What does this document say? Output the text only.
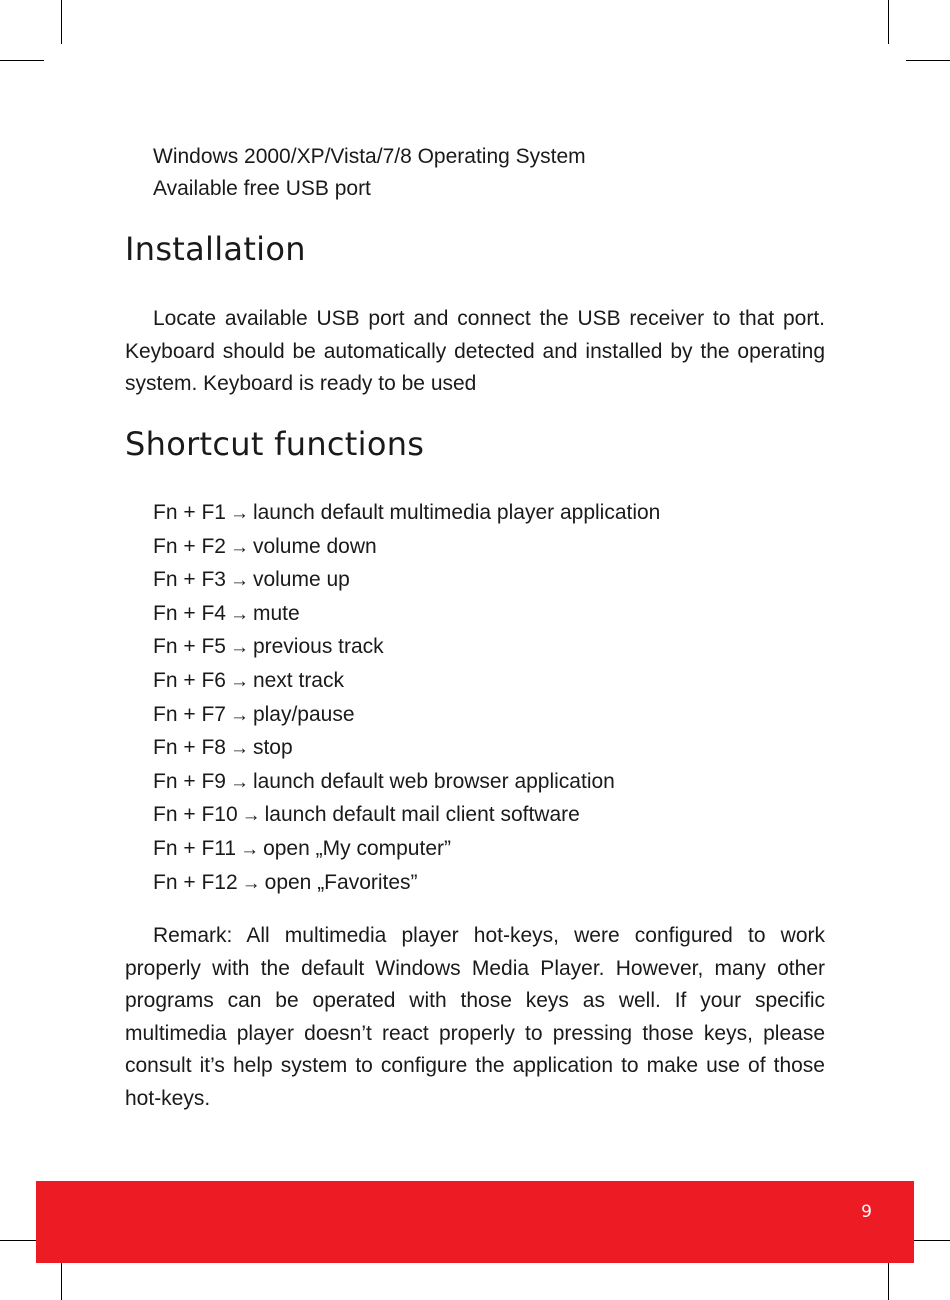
Windows 2000/XP/Vista/7/8 Operating System
Available free USB port
Installation

Locate available USB port and connect the USB receiver to that port. Keyboard should be automatically detected and installed by the operating system. Keyboard is ready to be used

Shortcut functions
Fn + F1 → launch default multimedia player application
Fn + F2 → volume down
Fn + F3 → volume up
Fn + F4 → mute
Fn + F5 → previous track
Fn + F6 → next track
Fn + F7 → play/pause
Fn + F8 → stop
Fn + F9 → launch default web browser application
Fn + F10 → launch default mail client software
Fn + F11 → open „My computer”
Fn + F12 → open „Favorites”

Remark: All multimedia player hot-keys, were configured to work properly with the default Windows Media Player. However, many other programs can be operated with those keys as well. If your specific multimedia player doesn’t react properly to pressing those keys, please consult it’s help system to configure the application to make use of those hot-keys.

9
